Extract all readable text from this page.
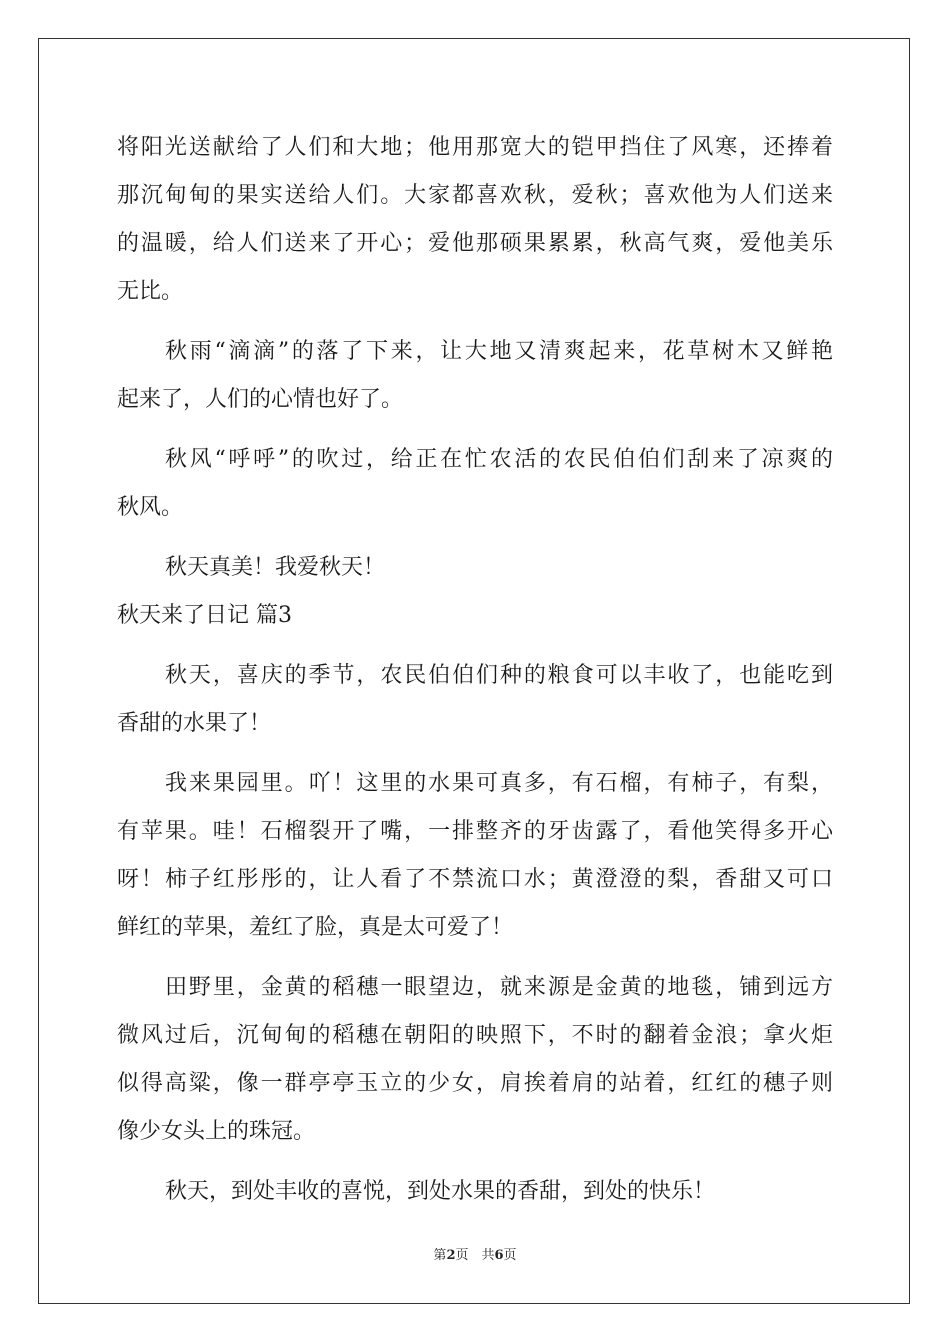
将阳光送献给了人们和大地；他用那宽大的铠甲挡住了风寒，还捧着
那沉甸甸的果实送给人们。大家都喜欢秋，爱秋；喜欢他为人们送来
的温暖，给人们送来了开心；爱他那硕果累累，秋高气爽，爱他美乐
无比。
秋雨“滴滴”的落了下来，让大地又清爽起来，花草树木又鲜艳
起来了，人们的心情也好了。
秋风“呼呼”的吹过，给正在忙农活的农民伯伯们刮来了凉爽的
秋风。
秋天真美！我爱秋天！
秋天来了日记 篇3
秋天，喜庆的季节，农民伯伯们种的粮食可以丰收了，也能吃到
香甜的水果了！
我来果园里。吖！这里的水果可真多，有石榴，有柿子，有梨，
有苹果。哇！石榴裂开了嘴，一排整齐的牙齿露了，看他笑得多开心
呀！柿子红彤彤的，让人看了不禁流口水；黄澄澄的梨，香甜又可口
鲜红的苹果，羞红了脸，真是太可爱了！
田野里，金黄的稻穗一眼望边，就来源是金黄的地毯，铺到远方
微风过后，沉甸甸的稻穗在朝阳的映照下，不时的翻着金浪；拿火炬
似得高粱，像一群亭亭玉立的少女，肩挨着肩的站着，红红的穗子则
像少女头上的珠冠。
秋天，到处丰收的喜悦，到处水果的香甜，到处的快乐！
第2页　共6页
